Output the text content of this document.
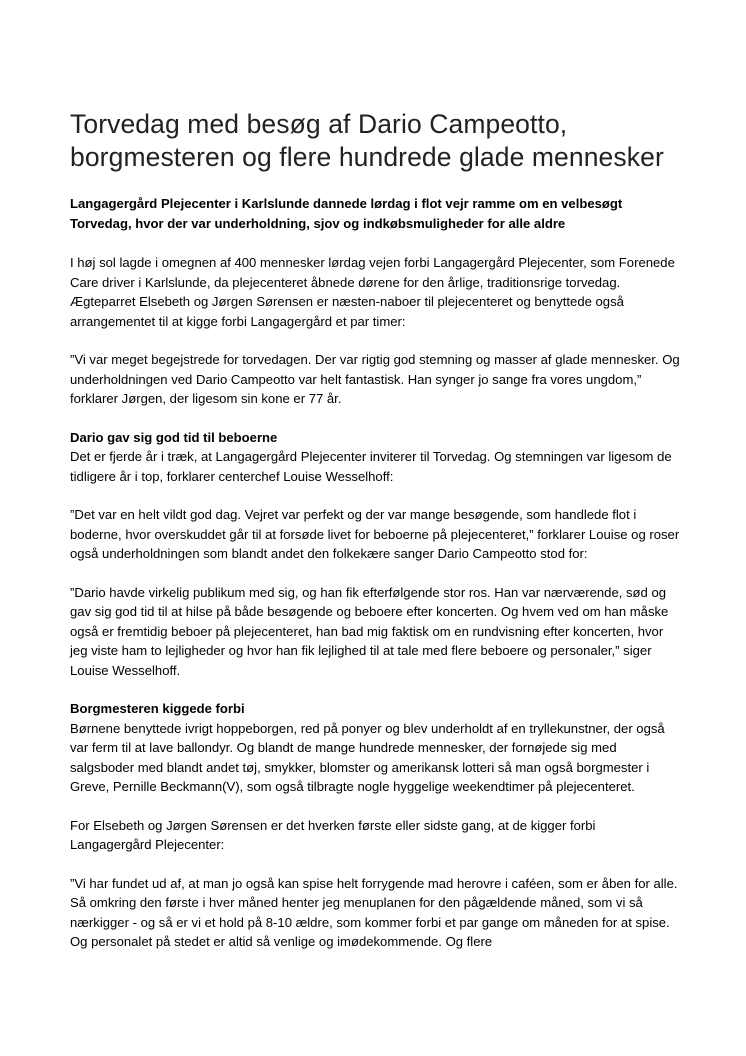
Torvedag med besøg af Dario Campeotto, borgmesteren og flere hundrede glade mennesker

Langagergård Plejecenter i Karlslunde dannede lørdag i flot vejr ramme om en velbesøgt Torvedag, hvor der var underholdning, sjov og indkøbsmuligheder for alle aldre

I høj sol lagde i omegnen af 400 mennesker lørdag vejen forbi Langagergård Plejecenter, som Forenede Care driver i Karlslunde, da plejecenteret åbnede dørene for den årlige, traditionsrige torvedag.

Ægteparret Elsebeth og Jørgen Sørensen er næsten-naboer til plejecenteret og benyttede også arrangementet til at kigge forbi Langagergård et par timer:

”Vi var meget begejstrede for torvedagen. Der var rigtig god stemning og masser af glade mennesker. Og underholdningen ved Dario Campeotto var helt fantastisk. Han synger jo sange fra vores ungdom,” forklarer Jørgen, der ligesom sin kone er 77 år.

Dario gav sig god tid til beboerne

Det er fjerde år i træk, at Langagergård Plejecenter inviterer til Torvedag. Og stemningen var ligesom de tidligere år i top, forklarer centerchef Louise Wesselhoff:

”Det var en helt vildt god dag. Vejret var perfekt og der var mange besøgende, som handlede flot i boderne, hvor overskuddet går til at forsøde livet for beboerne på plejecenteret,” forklarer Louise og roser også underholdningen som blandt andet den folkekære sanger Dario Campeotto stod for:

”Dario havde virkelig publikum med sig, og han fik efterfølgende stor ros. Han var nærværende, sød og gav sig god tid til at hilse på både besøgende og beboere efter koncerten. Og hvem ved om han måske også er fremtidig beboer på plejecenteret, han bad mig faktisk om en rundvisning efter koncerten, hvor jeg viste ham to lejligheder og hvor han fik lejlighed til at tale med flere beboere og personaler,” siger Louise Wesselhoff.

Borgmesteren kiggede forbi

Børnene benyttede ivrigt hoppeborgen, red på ponyer og blev underholdt af en tryllekunstner, der også var ferm til at lave ballondyr. Og blandt de mange hundrede mennesker, der fornøjede sig med salgsboder med blandt andet tøj, smykker, blomster og amerikansk lotteri så man også borgmester i Greve, Pernille Beckmann(V), som også tilbragte nogle hyggelige weekendtimer på plejecenteret.

For Elsebeth og Jørgen Sørensen er det hverken første eller sidste gang, at de kigger forbi Langagergård Plejecenter:

”Vi har fundet ud af, at man jo også kan spise helt forrygende mad herovre i caféen, som er åben for alle. Så omkring den første i hver måned henter jeg menuplanen for den pågældende måned, som vi så nærkigger - og så er vi et hold på 8-10 ældre, som kommer forbi et par gange om måneden for at spise. Og personalet på stedet er altid så venlige og imødekommende. Og flere
